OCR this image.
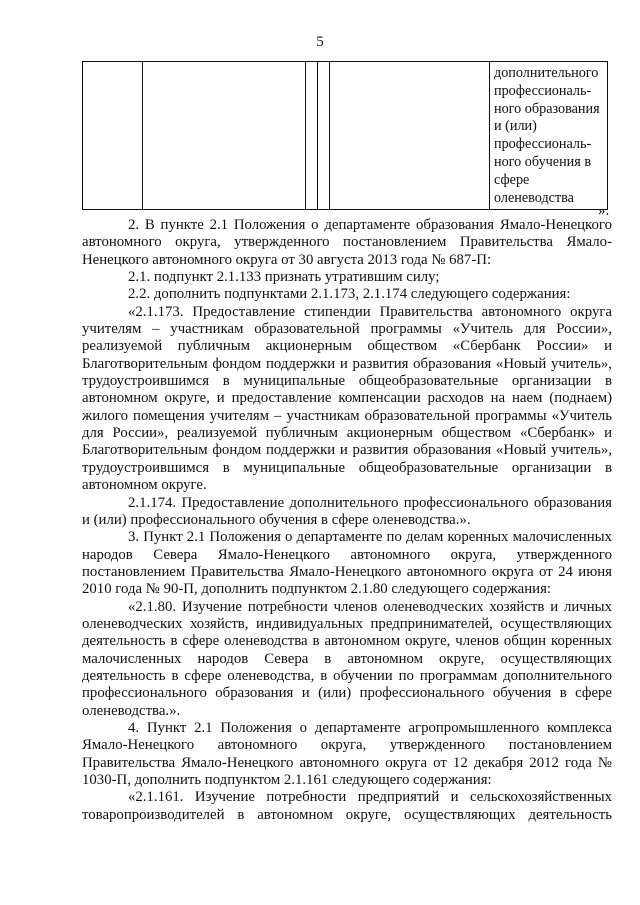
5

дополнительного
профессиональ-
ного образования
и (или)
профессиональ-
ного обучения в
сфере
оленеводства
».

2. В пункте 2.1 Положения о департаменте образования Ямало-Ненецкого автономного округа, утвержденного постановлением Правительства Ямало-Ненецкого автономного округа от 30 августа 2013 года № 687-П:

2.1. подпункт 2.1.133 признать утратившим силу;

2.2. дополнить подпунктами 2.1.173, 2.1.174 следующего содержания:

«2.1.173. Предоставление стипендии Правительства автономного округа учителям – участникам образовательной программы «Учитель для России», реализуемой публичным акционерным обществом «Сбербанк России» и Благотворительным фондом поддержки и развития образования «Новый учитель», трудоустроившимся в муниципальные общеобразовательные организации в автономном округе, и предоставление компенсации расходов на наем (поднаем) жилого помещения учителям – участникам образовательной программы «Учитель для России», реализуемой публичным акционерным обществом «Сбербанк» и Благотворительным фондом поддержки и развития образования «Новый учитель», трудоустроившимся в муниципальные общеобразовательные организации в автономном округе.

2.1.174. Предоставление дополнительного профессионального образования и (или) профессионального обучения в сфере оленеводства.».

3. Пункт 2.1 Положения о департаменте по делам коренных малочисленных народов Севера Ямало-Ненецкого автономного округа, утвержденного постановлением Правительства Ямало-Ненецкого автономного округа от 24 июня 2010 года № 90-П, дополнить подпунктом 2.1.80 следующего содержания:

«2.1.80. Изучение потребности членов оленеводческих хозяйств и личных оленеводческих хозяйств, индивидуальных предпринимателей, осуществляющих деятельность в сфере оленеводства в автономном округе, членов общин коренных малочисленных народов Севера в автономном округе, осуществляющих деятельность в сфере оленеводства, в обучении по программам дополнительного профессионального образования и (или) профессионального обучения в сфере оленеводства.».

4. Пункт 2.1 Положения о департаменте агропромышленного комплекса Ямало-Ненецкого автономного округа, утвержденного постановлением Правительства Ямало-Ненецкого автономного округа от 12 декабря 2012 года № 1030-П, дополнить подпунктом 2.1.161 следующего содержания:

«2.1.161. Изучение потребности предприятий и сельскохозяйственных товаропроизводителей в автономном округе, осуществляющих деятельность
